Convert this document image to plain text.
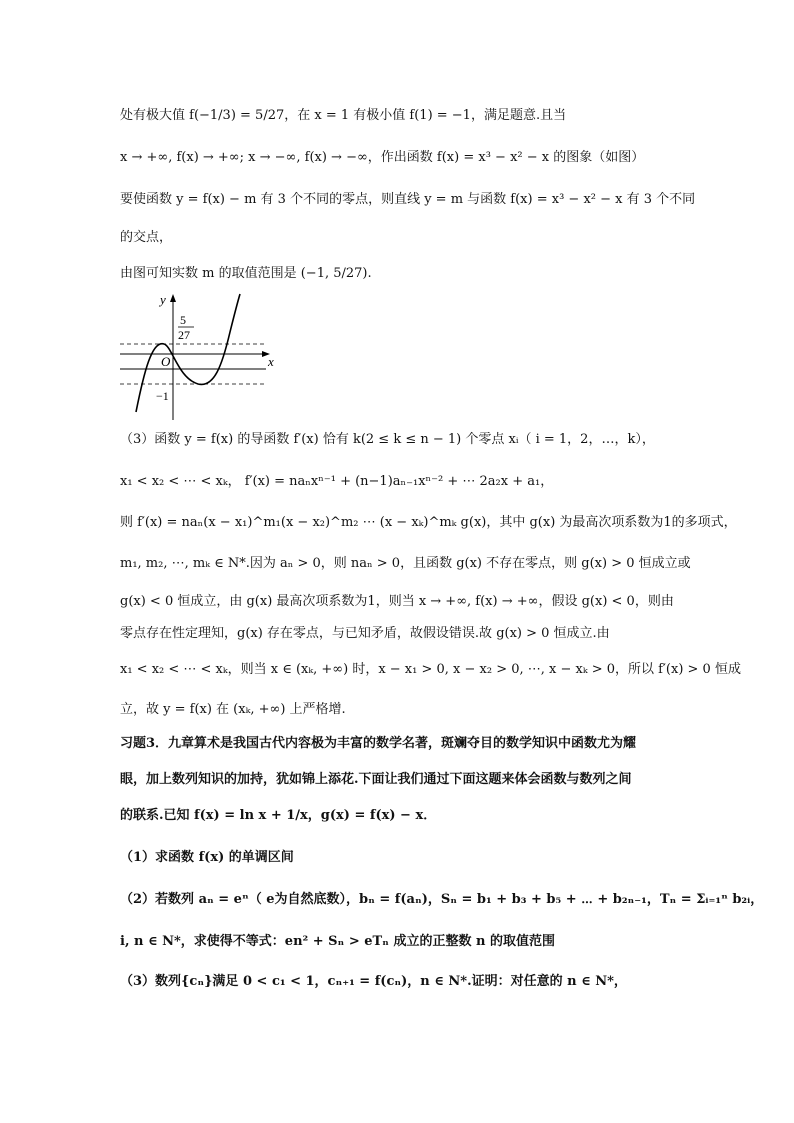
处有极大值 f(−1/3) = 5/27，在 x = 1 有极小值 f(1) = −1，满足题意.且当
x → +∞, f(x) → +∞; x → −∞, f(x) → −∞，作出函数 f(x) = x³ − x² − x 的图象（如图）
要使函数 y = f(x) − m 有 3 个不同的零点，则直线 y = m 与函数 f(x) = x³ − x² − x 有 3 个不同
的交点，
由图可知实数 m 的取值范围是 (−1, 5/27).
y
x
O
5
27
−1
（3）函数 y = f(x) 的导函数 f′(x) 恰有 k(2 ≤ k ≤ n − 1) 个零点 xᵢ（ i = 1，2，…，k），
x₁ < x₂ < ⋯ < xₖ， f′(x) = naₙxⁿ⁻¹ + (n−1)aₙ₋₁xⁿ⁻² + ⋯ 2a₂x + a₁，
则 f′(x) = naₙ(x − x₁)^m₁(x − x₂)^m₂ ⋯ (x − xₖ)^mₖ g(x)，其中 g(x) 为最高次项系数为1的多项式，
m₁, m₂, ⋯, mₖ ∈ N*.因为 aₙ > 0，则 naₙ > 0，且函数 g(x) 不存在零点，则 g(x) > 0 恒成立或
g(x) < 0 恒成立，由 g(x) 最高次项系数为1，则当 x → +∞, f(x) → +∞，假设 g(x) < 0，则由
零点存在性定理知，g(x) 存在零点，与已知矛盾，故假设错误.故 g(x) > 0 恒成立.由
x₁ < x₂ < ⋯ < xₖ，则当 x ∈ (xₖ, +∞) 时，x − x₁ > 0, x − x₂ > 0, ⋯, x − xₖ > 0，所以 f′(x) > 0 恒成
立，故 y = f(x) 在 (xₖ, +∞) 上严格增.
习题3．九章算术是我国古代内容极为丰富的数学名著，斑斓夺目的数学知识中函数尤为耀
眼，加上数列知识的加持，犹如锦上添花.下面让我们通过下面这题来体会函数与数列之间
的联系.已知 f(x) = ln x + 1/x，g(x) = f(x) − x．
（1）求函数 f(x) 的单调区间
（2）若数列 aₙ = eⁿ（ e为自然底数），bₙ = f(aₙ)，Sₙ = b₁ + b₃ + b₅ + ⋯ + b₂ₙ₋₁，Tₙ = Σᵢ₌₁ⁿ b₂ᵢ，
i, n ∈ N*，求使得不等式：en² + Sₙ > eTₙ 成立的正整数 n 的取值范围
（3）数列{cₙ}满足 0 < c₁ < 1，cₙ₊₁ = f(cₙ)，n ∈ N*.证明：对任意的 n ∈ N*，
